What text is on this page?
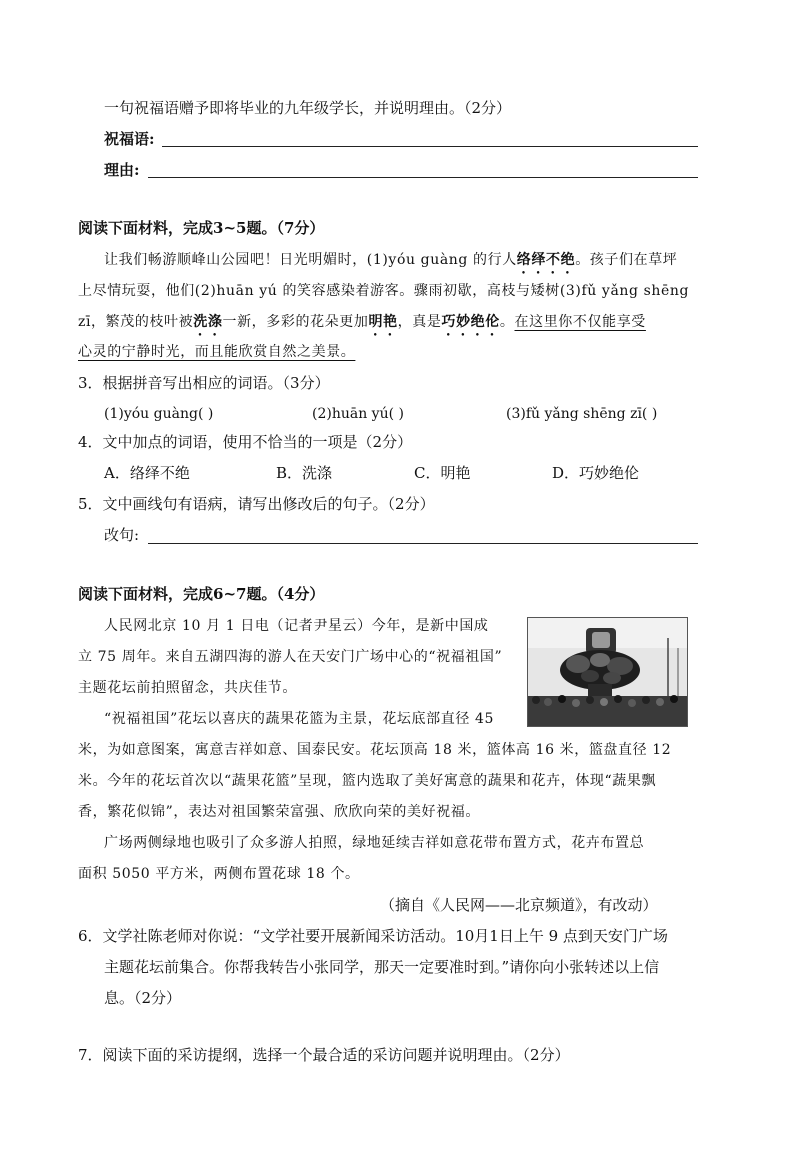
一句祝福语赠予即将毕业的九年级学长，并说明理由。（2分）
祝福语:
理由:
阅读下面材料，完成3~5题。（7分）
让我们畅游顺峰山公园吧！日光明媚时，(1)yóu guàng 的行人络绎不绝。孩子们在草坪
上尽情玩耍，他们(2)huān yú 的笑容感染着游客。骤雨初歇，高枝与矮树(3)fǔ yǎng shēng
zī，繁茂的枝叶被洗涤一新，多彩的花朵更加明艳，真是巧妙绝伦。在这里你不仅能享受
心灵的宁静时光，而且能欣赏自然之美景。
3．根据拼音写出相应的词语。（3分）
(1)yóu guàng( )	(2)huān yú( )	(3)fǔ yǎng shēng zī( )
4．文中加点的词语，使用不恰当的一项是（2分）
A．络绎不绝	B．洗涤	C．明艳	D．巧妙绝伦
5．文中画线句有语病，请写出修改后的句子。（2分）
改句:
阅读下面材料，完成6~7题。（4分）
人民网北京 10 月 1 日电（记者尹星云）今年，是新中国成
立 75 周年。来自五湖四海的游人在天安门广场中心的“祝福祖国”
主题花坛前拍照留念，共庆佳节。
“祝福祖国”花坛以喜庆的蔬果花篮为主景，花坛底部直径 45
米，为如意图案，寓意吉祥如意、国泰民安。花坛顶高 18 米，篮体高 16 米，篮盘直径 12
米。今年的花坛首次以“蔬果花篮”呈现，篮内选取了美好寓意的蔬果和花卉，体现“蔬果飘
香，繁花似锦”，表达对祖国繁荣富强、欣欣向荣的美好祝福。
广场两侧绿地也吸引了众多游人拍照，绿地延续吉祥如意花带布置方式，花卉布置总
面积 5050 平方米，两侧布置花球 18 个。
（摘自《人民网——北京频道》，有改动）
6．文学社陈老师对你说：“文学社要开展新闻采访活动。10月1日上午 9 点到天安门广场
主题花坛前集合。你帮我转告小张同学，那天一定要准时到。”请你向小张转述以上信
息。（2分）
7．阅读下面的采访提纲，选择一个最合适的采访问题并说明理由。（2分）
